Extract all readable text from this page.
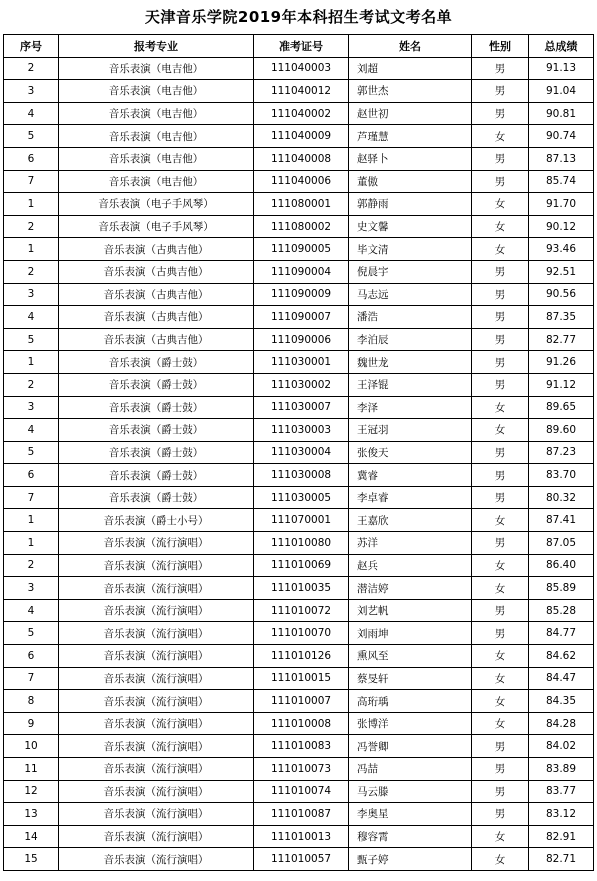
天津音乐学院2019年本科招生考试文考名单
序号	报考专业	准考证号	姓名	性别	总成绩
2	音乐表演（电吉他）	111040003	刘超	男	91.13
3	音乐表演（电吉他）	111040012	郭世杰	男	91.04
4	音乐表演（电吉他）	111040002	赵世初	男	90.81
5	音乐表演（电吉他）	111040009	芦瑾慧	女	90.74
6	音乐表演（电吉他）	111040008	赵驿卜	男	87.13
7	音乐表演（电吉他）	111040006	董傲	男	85.74
1	音乐表演（电子手风琴）	111080001	郭静雨	女	91.70
2	音乐表演（电子手风琴）	111080002	史文馨	女	90.12
1	音乐表演（古典吉他）	111090005	毕文清	女	93.46
2	音乐表演（古典吉他）	111090004	倪晨宇	男	92.51
3	音乐表演（古典吉他）	111090009	马志远	男	90.56
4	音乐表演（古典吉他）	111090007	潘浩	男	87.35
5	音乐表演（古典吉他）	111090006	李泊辰	男	82.77
1	音乐表演（爵士鼓）	111030001	魏世龙	男	91.26
2	音乐表演（爵士鼓）	111030002	王泽锟	男	91.12
3	音乐表演（爵士鼓）	111030007	李泽	女	89.65
4	音乐表演（爵士鼓）	111030003	王冠羽	女	89.60
5	音乐表演（爵士鼓）	111030004	张俊天	男	87.23
6	音乐表演（爵士鼓）	111030008	冀睿	男	83.70
7	音乐表演（爵士鼓）	111030005	李卓睿	男	80.32
1	音乐表演（爵士小号）	111070001	王嘉欣	女	87.41
1	音乐表演（流行演唱）	111010080	苏洋	男	87.05
2	音乐表演（流行演唱）	111010069	赵兵	女	86.40
3	音乐表演（流行演唱）	111010035	潜洁婷	女	85.89
4	音乐表演（流行演唱）	111010072	刘艺帆	男	85.28
5	音乐表演（流行演唱）	111010070	刘雨坤	男	84.77
6	音乐表演（流行演唱）	111010126	熏风至	女	84.62
7	音乐表演（流行演唱）	111010015	蔡旻轩	女	84.47
8	音乐表演（流行演唱）	111010007	高珩瑀	女	84.35
9	音乐表演（流行演唱）	111010008	张博洋	女	84.28
10	音乐表演（流行演唱）	111010083	冯誉卿	男	84.02
11	音乐表演（流行演唱）	111010073	冯喆	男	83.89
12	音乐表演（流行演唱）	111010074	马云滕	男	83.77
13	音乐表演（流行演唱）	111010087	李奥星	男	83.12
14	音乐表演（流行演唱）	111010013	穆容霄	女	82.91
15	音乐表演（流行演唱）	111010057	甄子婷	女	82.71
